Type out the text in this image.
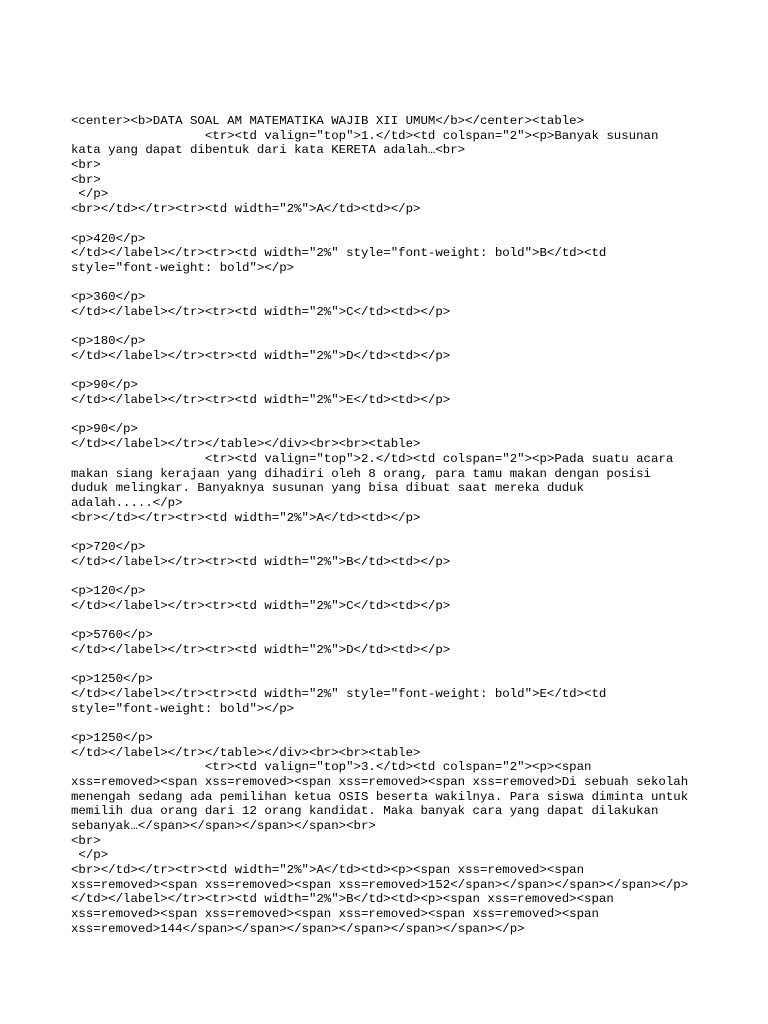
<center><b>DATA SOAL AM MATEMATIKA WAJIB XII UMUM</b></center><table>
<tr><td valign="top">1.</td><td colspan="2"><p>Banyak susunan
kata yang dapat dibentuk dari kata KERETA adalah…<br>
<br>
<br>
</p>
<br></td></tr><tr><td width="2%">A</td><td></p>
<p>420</p>
</td></label></tr><tr><td width="2%" style="font-weight: bold">B</td><td
style="font-weight: bold"></p>
<p>360</p>
</td></label></tr><tr><td width="2%">C</td><td></p>
<p>180</p>
</td></label></tr><tr><td width="2%">D</td><td></p>
<p>90</p>
</td></label></tr><tr><td width="2%">E</td><td></p>
<p>90</p>
</td></label></tr></table></div><br><br><table>
<tr><td valign="top">2.</td><td colspan="2"><p>Pada suatu acara
makan siang kerajaan yang dihadiri oleh 8 orang, para tamu makan dengan posisi
duduk melingkar. Banyaknya susunan yang bisa dibuat saat mereka duduk
adalah.....</p>
<br></td></tr><tr><td width="2%">A</td><td></p>
<p>720</p>
</td></label></tr><tr><td width="2%">B</td><td></p>
<p>120</p>
</td></label></tr><tr><td width="2%">C</td><td></p>
<p>5760</p>
</td></label></tr><tr><td width="2%">D</td><td></p>
<p>1250</p>
</td></label></tr><tr><td width="2%" style="font-weight: bold">E</td><td
style="font-weight: bold"></p>
<p>1250</p>
</td></label></tr></table></div><br><br><table>
<tr><td valign="top">3.</td><td colspan="2"><p><span
xss=removed><span xss=removed><span xss=removed><span xss=removed>Di sebuah sekolah
menengah sedang ada pemilihan ketua OSIS beserta wakilnya. Para siswa diminta untuk
memilih dua orang dari 12 orang kandidat. Maka banyak cara yang dapat dilakukan
sebanyak…</span></span></span></span><br>
<br>
</p>
<br></td></tr><tr><td width="2%">A</td><td><p><span xss=removed><span
xss=removed><span xss=removed><span xss=removed>152</span></span></span></span></p>
</td></label></tr><tr><td width="2%">B</td><td><p><span xss=removed><span
xss=removed><span xss=removed><span xss=removed><span xss=removed><span
xss=removed>144</span></span></span></span></span></span></p>
